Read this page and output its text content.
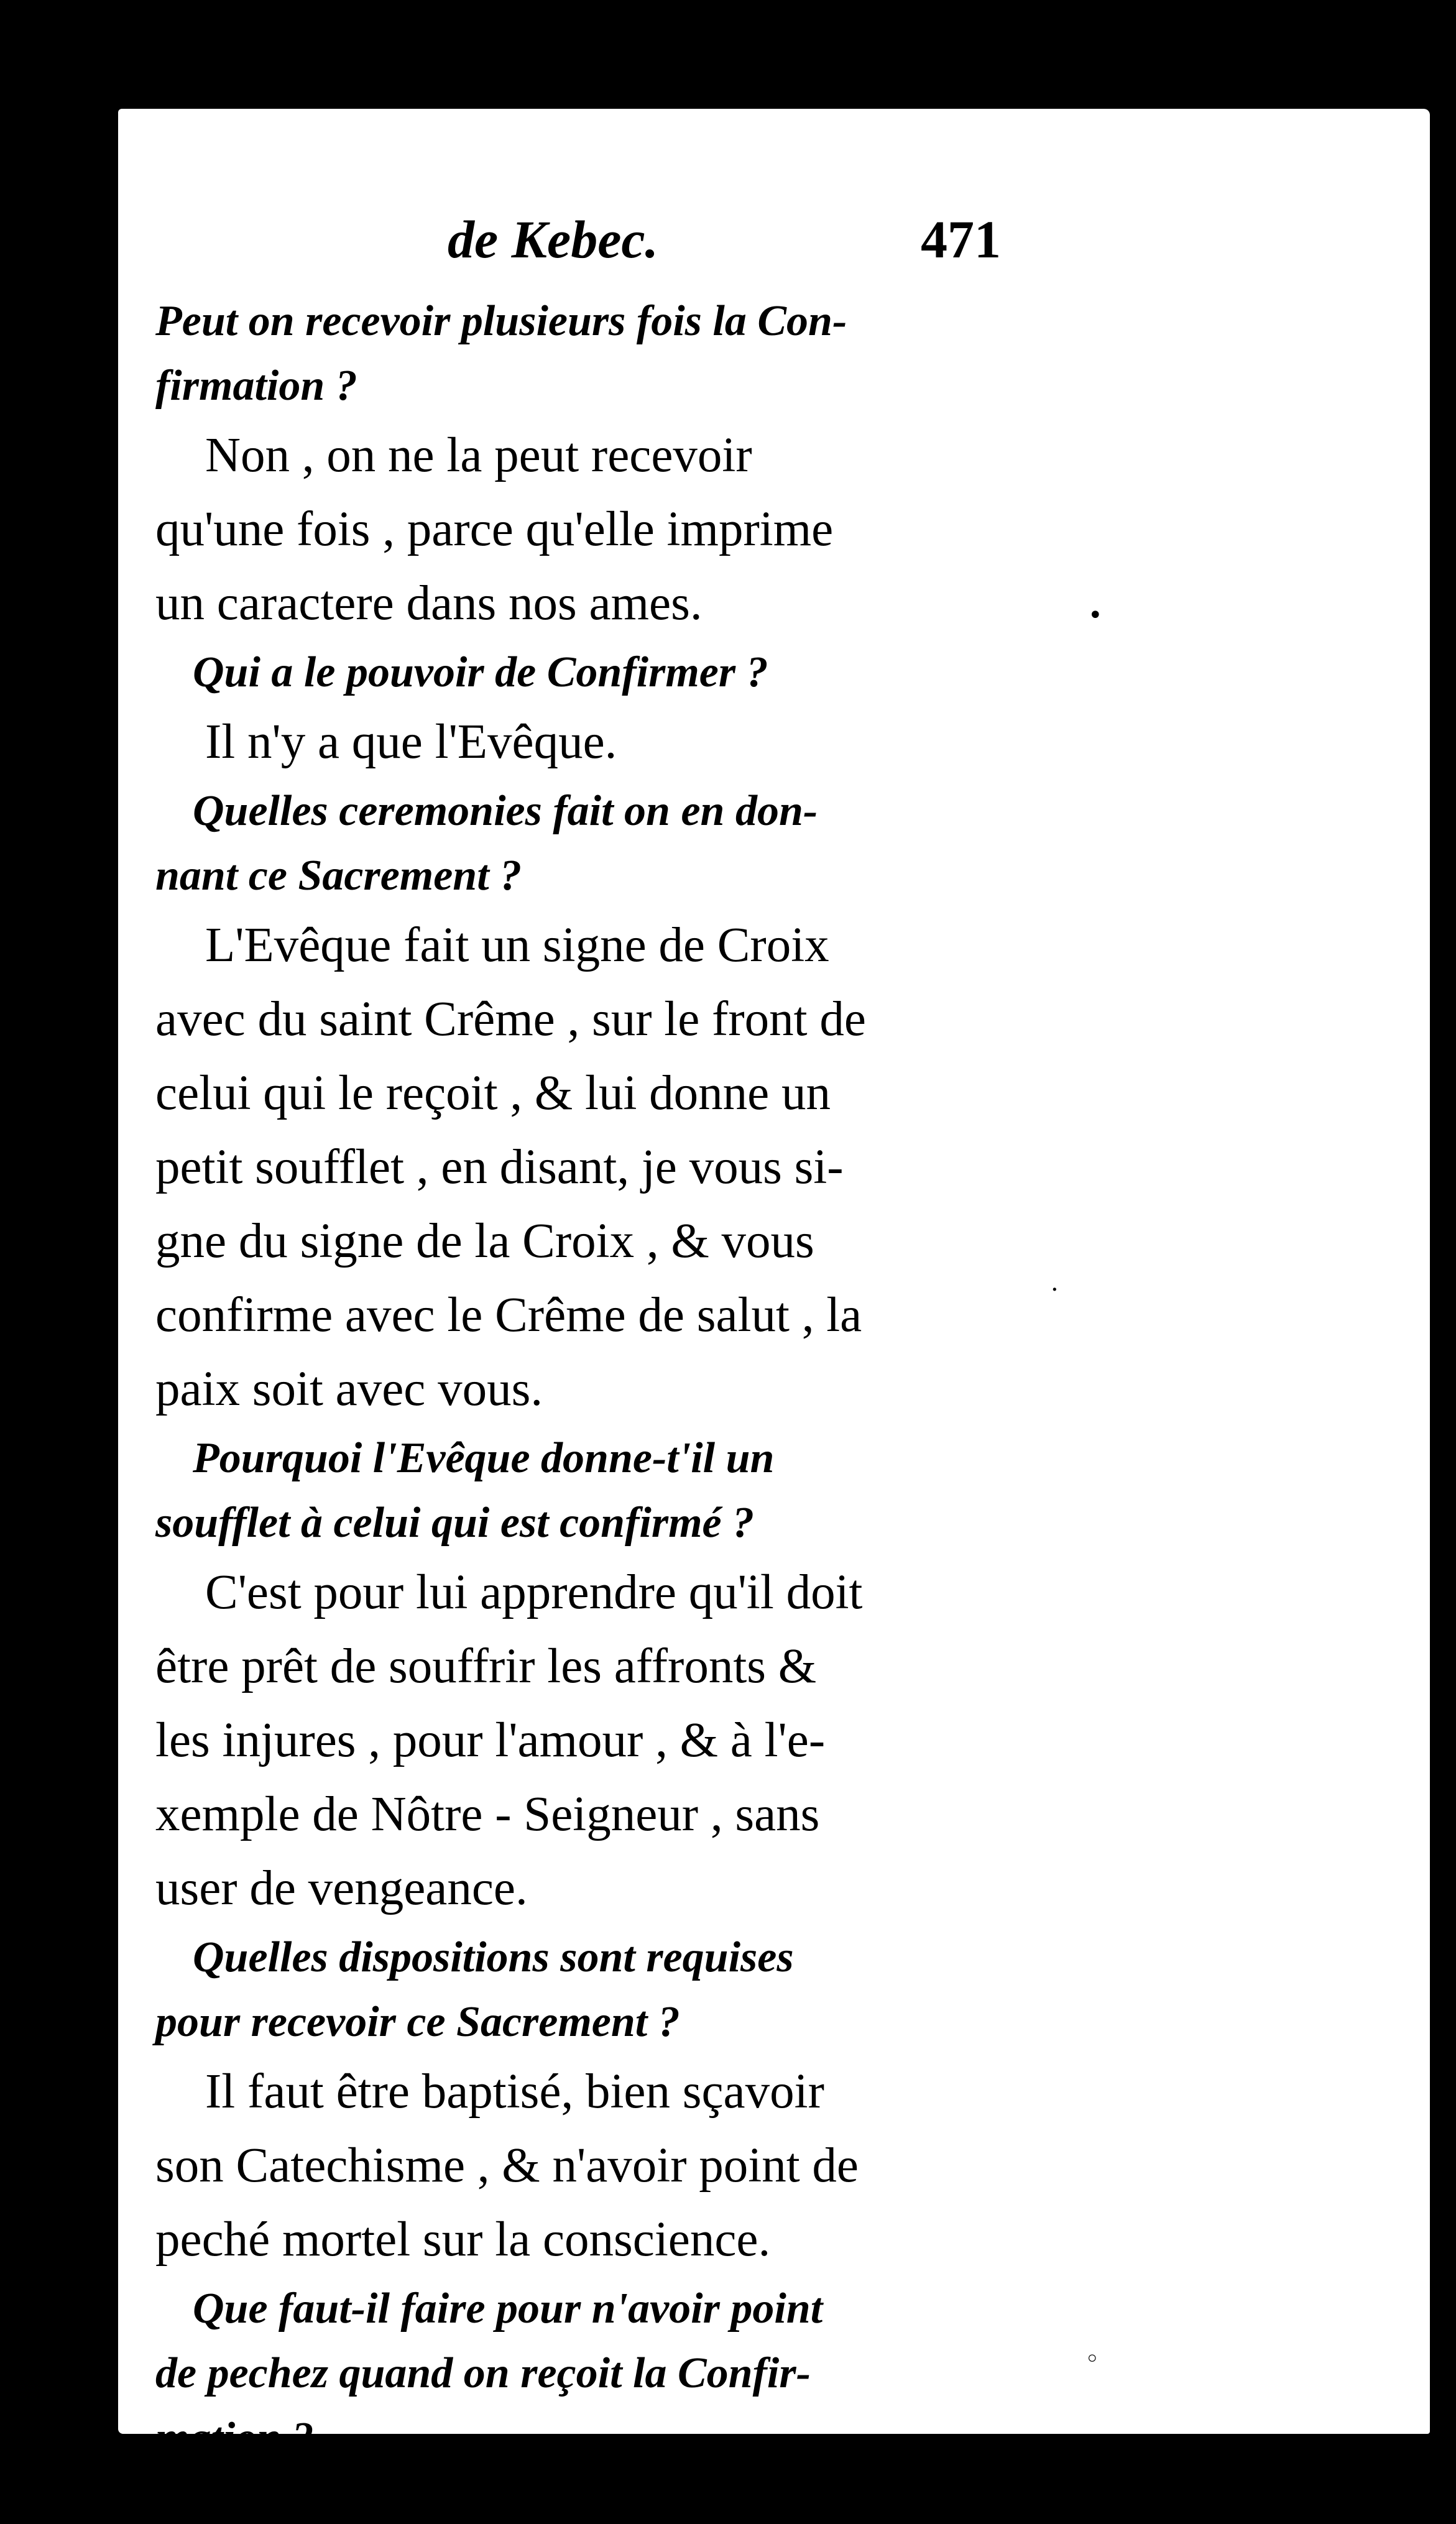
-
•
·
◦
de Kebec.	471

Peut on recevoir plusieurs fois la Con-
firmation ?

Non , on ne la peut recevoir
qu'une fois , parce qu'elle imprime
un caractere dans nos ames.

Qui a le pouvoir de Confirmer ?

Il n'y a que l'Evêque.

Quelles ceremonies fait on en don-
nant ce Sacrement ?

L'Evêque fait un signe de Croix
avec du saint Crême , sur le front de
celui qui le reçoit , & lui donne un
petit soufflet , en disant, je vous si-
gne du signe de la Croix , & vous
confirme avec le Crême de salut , la
paix soit avec vous.

Pourquoi l'Evêque donne-t'il un
soufflet à celui qui est confirmé ?

C'est pour lui apprendre qu'il doit
être prêt de souffrir les affronts &
les injures , pour l'amour , & à l'e-
xemple de Nôtre - Seigneur , sans
user de vengeance.

Quelles dispositions sont requises
pour recevoir ce Sacrement ?

Il faut être baptisé, bien sçavoir
son Catechisme , & n'avoir point de
peché mortel sur la conscience.

Que faut-il faire pour n'avoir point
de pechez quand on reçoit la Confir-
mation ?
